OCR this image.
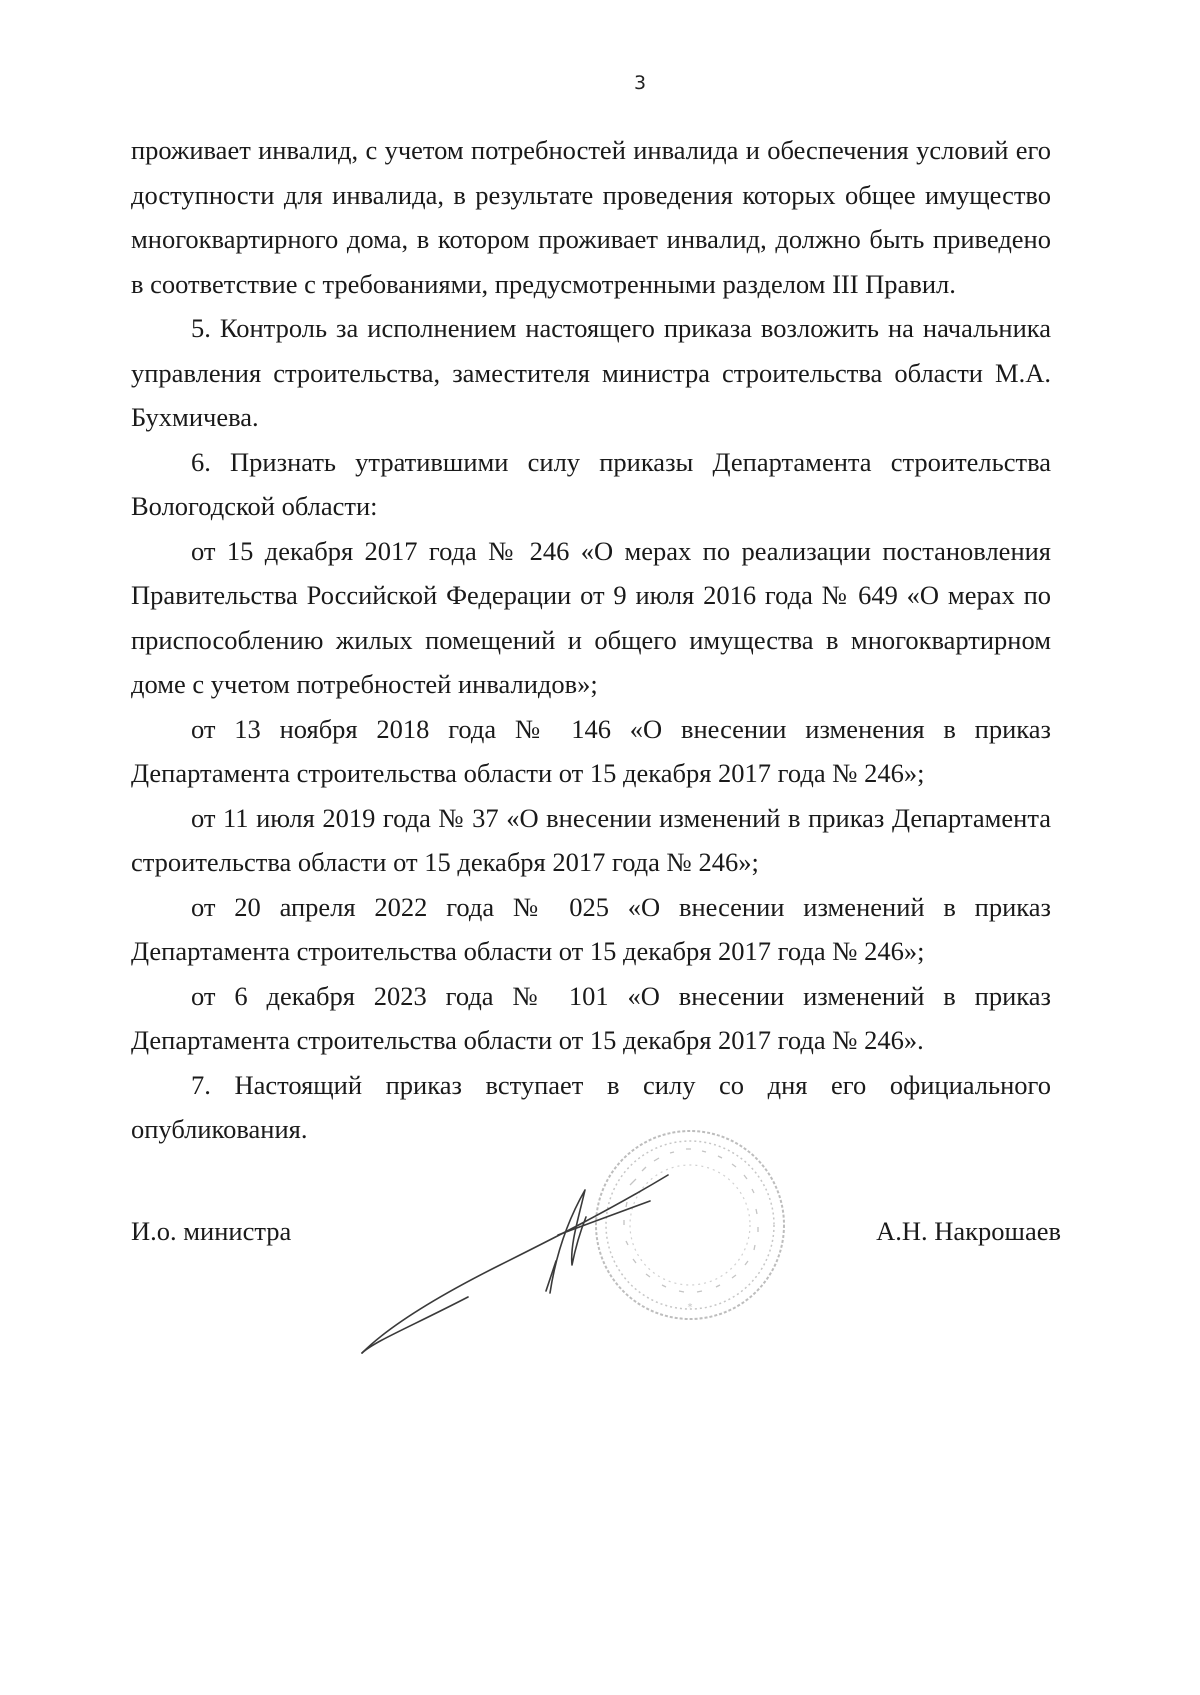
3

проживает инвалид, с учетом потребностей инвалида и обеспечения условий его доступности для инвалида, в результате проведения которых общее имущество многоквартирного дома, в котором проживает инвалид, должно быть приведено в соответствие с требованиями, предусмотренными разделом III Правил.

5. Контроль за исполнением настоящего приказа возложить на начальника управления строительства, заместителя министра строительства области М.А. Бухмичева.

6. Признать утратившими силу приказы Департамента строительства Вологодской области:

от 15 декабря 2017 года № 246 «О мерах по реализации постановления Правительства Российской Федерации от 9 июля 2016 года № 649 «О мерах по приспособлению жилых помещений и общего имущества в многоквартирном доме с учетом потребностей инвалидов»;

от 13 ноября 2018 года № 146 «О внесении изменения в приказ Департамента строительства области от 15 декабря 2017 года № 246»;

от 11 июля 2019 года № 37 «О внесении изменений в приказ Департамента строительства области от 15 декабря 2017 года № 246»;

от 20 апреля 2022 года № 025 «О внесении изменений в приказ Департамента строительства области от 15 декабря 2017 года № 246»;

от 6 декабря 2023 года № 101 «О внесении изменений в приказ Департамента строительства области от 15 декабря 2017 года № 246».

7. Настоящий приказ вступает в силу со дня его официального опубликования.

*
И.о. министра	А.Н. Накрошаев
